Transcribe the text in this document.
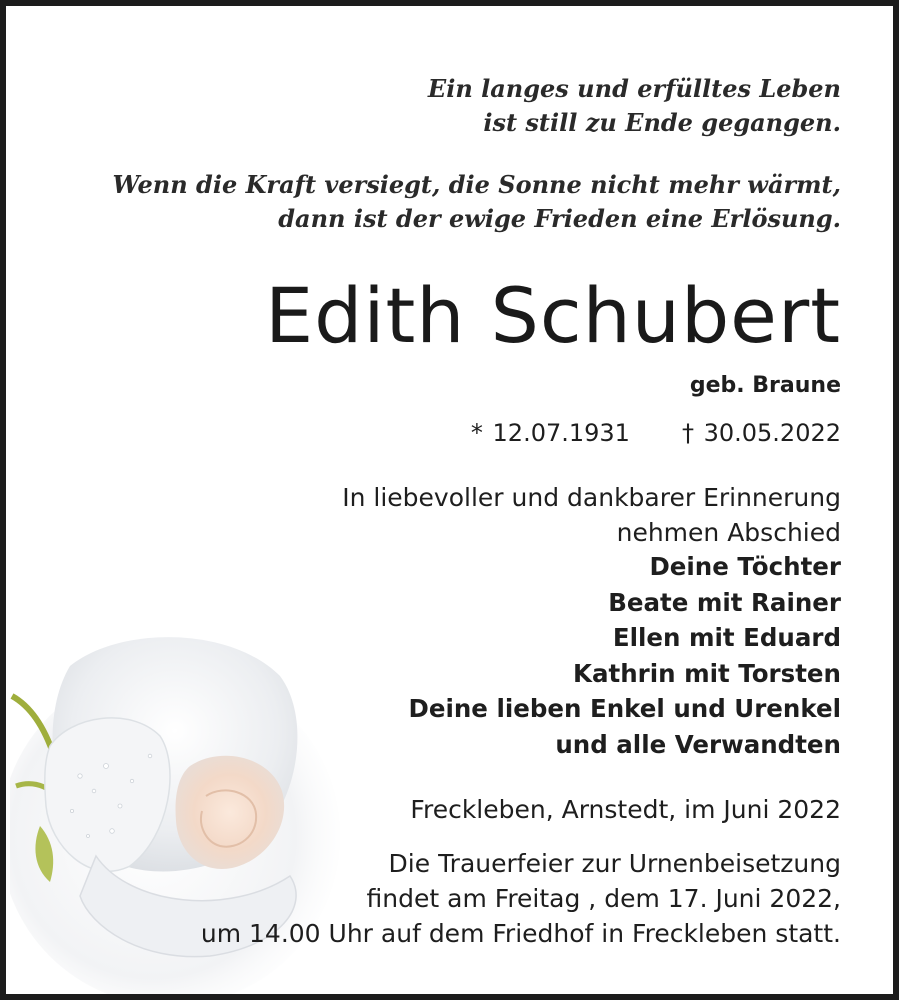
Ein langes und erfülltes Leben
ist still zu Ende gegangen.
Wenn die Kraft versiegt, die Sonne nicht mehr wärmt,
dann ist der ewige Frieden eine Erlösung.
Edith Schubert
geb. Braune
* 12.07.1931 † 30.05.2022
In liebevoller und dankbarer Erinnerung
nehmen Abschied
Deine Töchter
Beate mit Rainer
Ellen mit Eduard
Kathrin mit Torsten
Deine lieben Enkel und Urenkel
und alle Verwandten
Freckleben, Arnstedt, im Juni 2022
Die Trauerfeier zur Urnenbeisetzung
findet am Freitag , dem 17. Juni 2022,
um 14.00 Uhr auf dem Friedhof in Freckleben statt.
